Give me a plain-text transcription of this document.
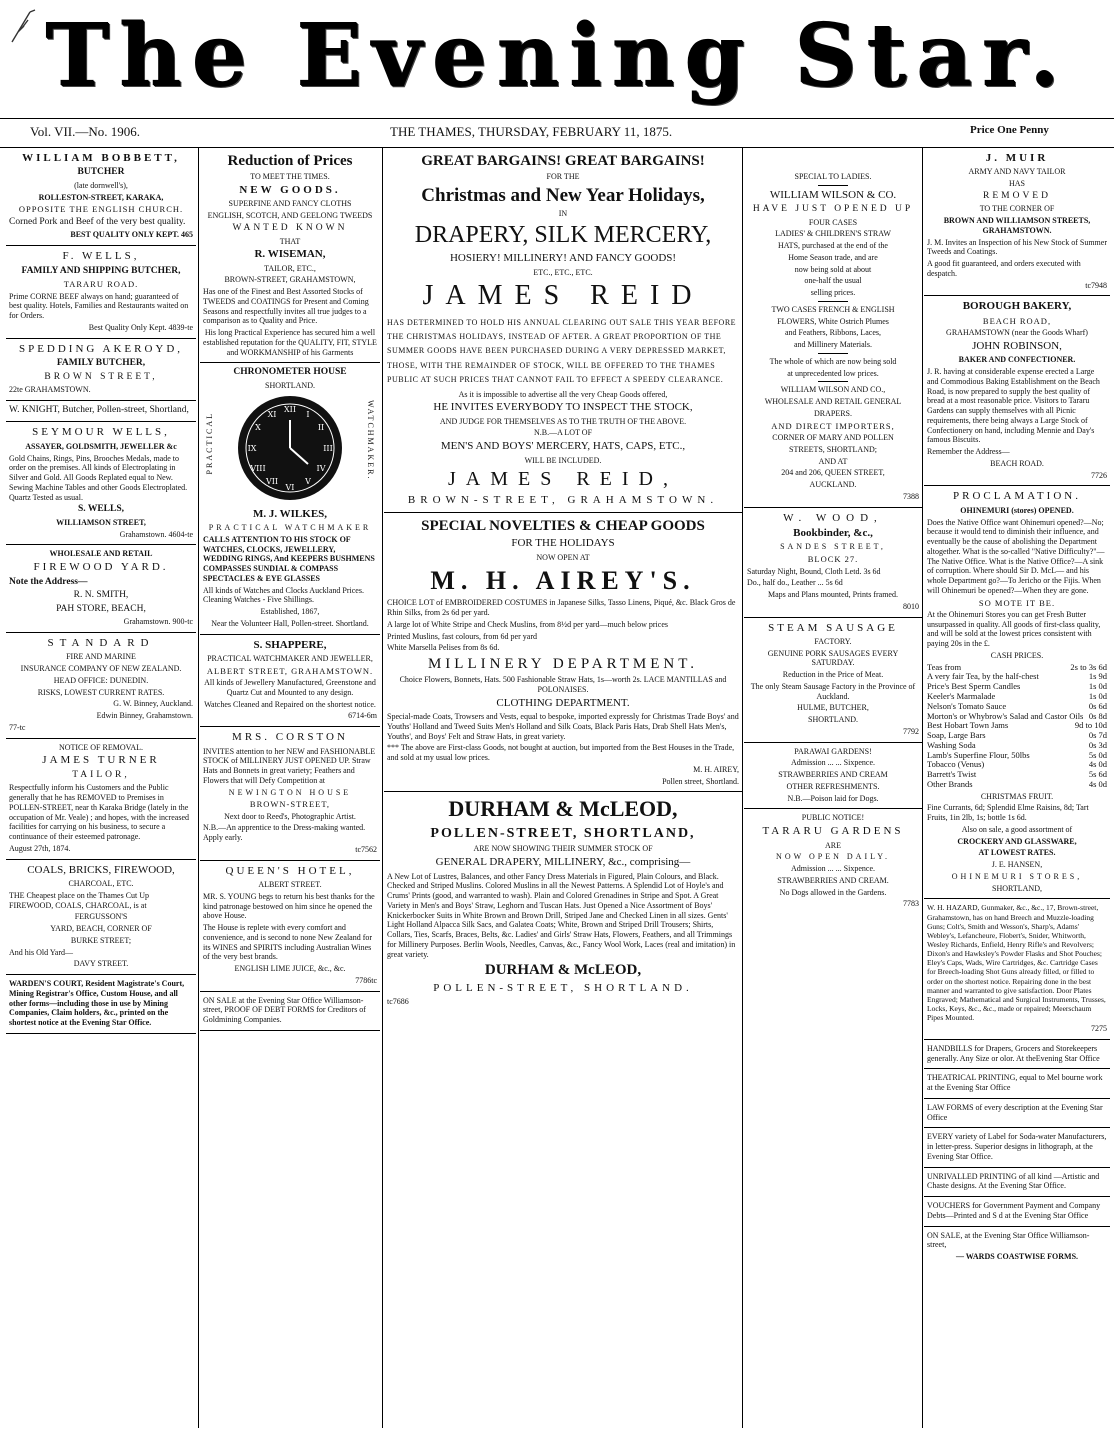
The Evening Star.
Vol. VII.—No. 1906.	THE THAMES, THURSDAY, FEBRUARY 11, 1875.	Price One Penny

WILLIAM BOBBETT,

BUTCHER

(late dornwell's),

ROLLESTON-STREET, KARAKA,

OPPOSITE THE ENGLISH CHURCH.

Corned Pork and Beef of the very best quality.

BEST QUALITY ONLY KEPT. 465

F. WELLS,

FAMILY AND SHIPPING BUTCHER,

TARARU ROAD.

Prime CORNE BEEF always on hand; guaranteed of best quality. Hotels, Families and Restaurants waited on for Orders.

Best Quality Only Kept. 4839-te

SPEDDING AKEROYD,

FAMILY BUTCHER,

BROWN STREET,

22te GRAHAMSTOWN.

W. KNIGHT, Butcher, Pollen-street, Shortland,

SEYMOUR WELLS,

ASSAYER, GOLDSMITH, JEWELLER &c

Gold Chains, Rings, Pins, Brooches Medals, made to order on the premises. All kinds of Electroplating in Silver and Gold. All Goods Replated equal to New. Sewing Machine Tables and other Goods Electroplated. Quartz Tested as usual.

S. WELLS,

WILLIAMSON STREET,

Grahamstown. 4604-te

WHOLESALE AND RETAIL

FIREWOOD YARD.

Note the Address—

R. N. SMITH,

PAH STORE, BEACH,

Grahamstown. 900-tc

STANDARD

FIRE AND MARINE

INSURANCE COMPANY OF NEW ZEALAND.

HEAD OFFICE: DUNEDIN.

RISKS, LOWEST CURRENT RATES.

G. W. Binney, Auckland.

Edwin Binney, Grahamstown.

77-tc

NOTICE OF REMOVAL.

JAMES TURNER

TAILOR,

Respectfully inform his Customers and the Public generally that he has REMOVED to Premises in POLLEN-STREET, near th Karaka Bridge (lately in the occupation of Mr. Veale) ; and hopes, with the increased facilities for carrying on his business, to secure a continuance of their esteemed patronage.

August 27th, 1874.

COALS, BRICKS, FIREWOOD,

CHARCOAL, ETC.

THE Cheapest place on the Thames Cut Up FIREWOOD, COALS, CHARCOAL, is at

FERGUSSON'S

YARD, BEACH, CORNER OF

BURKE STREET;

And his Old Yard—

DAVY STREET.

WARDEN'S COURT, Resident Magistrate's Court, Mining Registrar's Office, Custom House, and all other forms—including those in use by Mining Companies, Claim holders, &c., printed on the shortest notice at the Evening Star Office.

Reduction of Prices

TO MEET THE TIMES.

NEW GOODS.

SUPERFINE AND FANCY CLOTHS

ENGLISH, SCOTCH, AND GEELONG TWEEDS

WANTED KNOWN

THAT

R. WISEMAN,

TAILOR, ETC.,

BROWN-STREET, GRAHAMSTOWN,

Has one of the Finest and Best Assorted Stocks of TWEEDS and COATINGS for Present and Coming Seasons and respectfully invites all true judges to a comparison as to Quality and Price.

His long Practical Experience has secured him a well established reputation for the QUALITY, FIT, STYLE and WORKMANSHIP of his Garments

CHRONOMETER HOUSE

SHORTLAND.

PRACTICAL	WATCHMAKER.
XII
I
II
III
IV
V
VI
VII
VIII
IX
X
XI

M. J. WILKES,

PRACTICAL WATCHMAKER

CALLS ATTENTION TO HIS STOCK OF WATCHES, CLOCKS, JEWELLERY, WEDDING RINGS, And KEEPERS BUSHMENS COMPASSES SUNDIAL & COMPASS SPECTACLES & EYE GLASSES

All kinds of Watches and Clocks Auckland Prices. Cleaning Watches - Five Shillings.

Established, 1867,

Near the Volunteer Hall, Pollen-street. Shortland.

S. SHAPPERE,

PRACTICAL WATCHMAKER AND JEWELLER,

ALBERT STREET, GRAHAMSTOWN.

All kinds of Jewellery Manufactured, Greenstone and Quartz Cut and Mounted to any design.

Watches Cleaned and Repaired on the shortest notice.

6714-6m

MRS. CORSTON

INVITES attention to her NEW and FASHIONABLE STOCK of MILLINERY JUST OPENED UP. Straw Hats and Bonnets in great variety; Feathers and Flowers that will Defy Competition at

NEWINGTON HOUSE

BROWN-STREET,

Next door to Reed's, Photographic Artist.

N.B.—An apprentice to the Dress-making wanted. Apply early.

tc7562

QUEEN'S HOTEL,

ALBERT STREET.

MR. S. YOUNG begs to return his best thanks for the kind patronage bestowed on him since he opened the above House.

The House is replete with every comfort and convenience, and is second to none New Zealand for its WINES and SPIRITS including Australian Wines of the very best brands.

ENGLISH LIME JUICE, &c., &c.

7786tc

ON SALE at the Evening Star Office Williamson-street, PROOF OF DEBT FORMS for Creditors of Goldmining Companies.

GREAT BARGAINS! GREAT BARGAINS!

FOR THE

Christmas and New Year Holidays,

IN

DRAPERY, SILK MERCERY,

HOSIERY! MILLINERY! AND FANCY GOODS!

ETC., ETC., ETC.

JAMES REID

HAS DETERMINED TO HOLD HIS ANNUAL CLEARING OUT SALE THIS YEAR BEFORE THE CHRISTMAS HOLIDAYS, INSTEAD OF AFTER. A GREAT PROPORTION OF THE SUMMER GOODS HAVE BEEN PURCHASED DURING A VERY DEPRESSED MARKET, THOSE, WITH THE REMAINDER OF STOCK, WILL BE OFFERED TO THE THAMES PUBLIC AT SUCH PRICES THAT CANNOT FAIL TO EFFECT A SPEEDY CLEARANCE.

As it is impossible to advertise all the very Cheap Goods offered,

HE INVITES EVERYBODY TO INSPECT THE STOCK,

AND JUDGE FOR THEMSELVES AS TO THE TRUTH OF THE ABOVE.

N.B.—A LOT OF

MEN'S AND BOYS' MERCERY, HATS, CAPS, ETC.,

WILL BE INCLUDED.

JAMES REID,

BROWN-STREET, GRAHAMSTOWN.

SPECIAL NOVELTIES & CHEAP GOODS

FOR THE HOLIDAYS

NOW OPEN AT

M. H. AIREY'S.

CHOICE LOT of EMBROIDERED COSTUMES in Japanese Silks, Tasso Linens, Piqué, &c. Black Gros de Rhin Silks, from 2s 6d per yard.

A large lot of White Stripe and Check Muslins, from 8½d per yard—much below prices

Printed Muslins, fast colours, from 6d per yard

White Marsella Pelises from 8s 6d.

MILLINERY DEPARTMENT.

Choice Flowers, Bonnets, Hats. 500 Fashionable Straw Hats, 1s—worth 2s. LACE MANTILLAS and POLONAISES.

CLOTHING DEPARTMENT.

Special-made Coats, Trowsers and Vests, equal to bespoke, imported expressly for Christmas Trade Boys' and Youths' Holland and Tweed Suits Men's Holland and Silk Coats, Black Paris Hats, Drab Shell Hats Men's, Youths', and Boys' Felt and Straw Hats, in great variety.

*** The above are First-class Goods, not bought at auction, but imported from the Best Houses in the Trade, and sold at my usual low prices.

M. H. AIREY,

Pollen street, Shortland.

DURHAM & McLEOD,

POLLEN-STREET, SHORTLAND,

ARE NOW SHOWING THEIR SUMMER STOCK OF

GENERAL DRAPERY, MILLINERY, &c., comprising—

A New Lot of Lustres, Balances, and other Fancy Dress Materials in Figured, Plain Colours, and Black. Checked and Striped Muslins. Colored Muslins in all the Newest Patterns. A Splendid Lot of Hoyle's and Crums' Prints (good, and warranted to wash). Plain and Colored Grenadines in Stripe and Spot. A Great Variety in Men's and Boys' Straw, Leghorn and Tuscan Hats. Just Opened a Nice Assortment of Boys' Knickerbocker Suits in White Brown and Brown Drill, Striped Jane and Checked Linen in all sizes. Gents' Light Holland Alpacca Silk Sacs, and Galatea Coats; White, Brown and Striped Drill Trousers; Shirts, Collars, Ties, Scarfs, Braces, Belts, &c. Ladies' and Girls' Straw Hats, Flowers, Feathers, and all Trimmings for Millinery Purposes. Berlin Wools, Needles, Canvas, &c., Fancy Wool Work, Laces (real and imitation) in great variety.

DURHAM & McLEOD,

POLLEN-STREET, SHORTLAND.

tc7686

SPECIAL TO LADIES.

WILLIAM WILSON & CO.

HAVE JUST OPENED UP

FOUR CASES

LADIES' & CHILDREN'S STRAW

HATS, purchased at the end of the

Home Season trade, and are

now being sold at about

one-half the usual

selling prices.

TWO CASES FRENCH & ENGLISH

FLOWERS, White Ostrich Plumes

and Feathers, Ribbons, Laces,

and Millinery Materials.

The whole of which are now being sold

at unprecedented low prices.

WILLIAM WILSON AND CO.,

WHOLESALE AND RETAIL GENERAL

DRAPERS.

AND DIRECT IMPORTERS,

CORNER OF MARY AND POLLEN

STREETS, SHORTLAND;

AND AT

204 and 206, QUEEN STREET,

AUCKLAND.

7388

W. WOOD,

Bookbinder, &c.,

SANDES STREET,

BLOCK 27.

Saturday Night, Bound, Cloth Letd. 3s 6d

Do., half do., Leather ... 5s 6d

Maps and Plans mounted, Prints framed.

8010

STEAM SAUSAGE

FACTORY.

GENUINE PORK SAUSAGES EVERY SATURDAY.

Reduction in the Price of Meat.

The only Steam Sausage Factory in the Province of Auckland.

HULME, BUTCHER,

SHORTLAND.

7792

PARAWAI GARDENS!

Admission ... ... Sixpence.

STRAWBERRIES AND CREAM

OTHER REFRESHMENTS.

N.B.—Poison laid for Dogs.

PUBLIC NOTICE!

TARARU GARDENS

ARE

NOW OPEN DAILY.

Admission ... ... Sixpence.

STRAWBERRIES AND CREAM.

No Dogs allowed in the Gardens.

7783

J. MUIR

ARMY AND NAVY TAILOR

HAS

REMOVED

TO THE CORNER OF

BROWN AND WILLIAMSON STREETS, GRAHAMSTOWN.

J. M. Invites an Inspection of his New Stock of Summer Tweeds and Coatings.

A good fit guaranteed, and orders executed with despatch.

tc7948

BOROUGH BAKERY,

BEACH ROAD,

GRAHAMSTOWN (near the Goods Wharf)

JOHN ROBINSON,

BAKER AND CONFECTIONER.

J. R. having at considerable expense erected a Large and Commodious Baking Establishment on the Beach Road, is now prepared to supply the best quality of bread at a most reasonable price. Visitors to Tararu Gardens can supply themselves with all Picnic requirements, there being always a Large Stock of Confectionery on hand, including Mennie and Day's famous Biscuits.

Remember the Address—

BEACH ROAD.

7726

PROCLAMATION.

OHINEMURI (stores) OPENED.

Does the Native Office want Ohinemuri opened?—No; because it would tend to diminish their influence, and eventually be the cause of abolishing the Department altogether. What is the so-called "Native Difficulty?"—The Native Office. What is the Native Office?—A sink of corruption. Where should Sir D. McL— and his whole Department go?—To Jericho or the Fijis. When will Ohinemuri be opened?—When they are gone.

SO MOTE IT BE.

At the Ohinemuri Stores you can get Fresh Butter unsurpassed in quality. All goods of first-class quality, and will be sold at the lowest prices consistent with paying 20s in the £.

CASH PRICES.

Teas from	2s to 3s 6d
A very fair Tea, by the half-chest	1s 9d
Price's Best Sperm Candles	1s 0d
Keeler's Marmalade	1s 0d
Nelson's Tomato Sauce	0s 6d
Morton's or Whybrow's Salad and Castor Oils 0s 8d
Best Hobart Town Jams	9d to 10d
Soap, Large Bars	0s 7d
Washing Soda	0s 3d
Lamb's Superfine Flour, 50lbs	5s 0d
Tobacco (Venus)	4s 0d
Barrett's Twist	5s 6d
Other Brands	4s 0d

CHRISTMAS FRUIT.

Fine Currants, 6d; Splendid Elme Raisins, 8d; Tart Fruits, 1in 2lb, 1s; bottle 1s 6d.

Also on sale, a good assortment of

CROCKERY AND GLASSWARE,

AT LOWEST RATES.

J. E. HANSEN,

OHINEMURI STORES,

SHORTLAND,

W. H. HAZARD, Gunmaker, &c., &c., 17, Brown-street, Grahamstown, has on hand Breech and Muzzle-loading Guns; Colt's, Smith and Wesson's, Sharp's, Adams' Webley's, Lefancheure, Flobert's, Snider, Whitworth, Wesley Richards, Enfield, Henry Rifle's and Revolvers; Dixon's and Hawksley's Powder Flasks and Shot Pouches; Eley's Caps, Wads, Wire Cartridges, &c. Cartridge Cases for Breech-loading Shot Guns already filled, or filled to order on the shortest notice. Repairing done in the best manner and warranted to give satisfaction. Door Plates Engraved; Mathematical and Surgical Instruments, Trusses, Locks, Keys, &c., &c., made or repaired; Meerschaum Pipes Mounted.

7275

HANDBILLS for Drapers, Grocers and Storekeepers generally. Any Size or olor. At theEvening Star Office

THEATRICAL PRINTING, equal to Mel bourne work at the Evening Star Office

LAW FORMS of every description at the Evening Star Office

EVERY variety of Label for Soda-water Manufacturers, in letter-press. Superior designs in lithograph, at the Evening Star Office.

UNRIVALLED PRINTING of all kind —Artistic and Chaste designs. At the Evening Star Office.

VOUCHERS for Government Payment and Company Debts—Printed and S d at the Evening Star Office

ON SALE, at the Evening Star Office Williamson-street,

— WARDS COASTWISE FORMS.
